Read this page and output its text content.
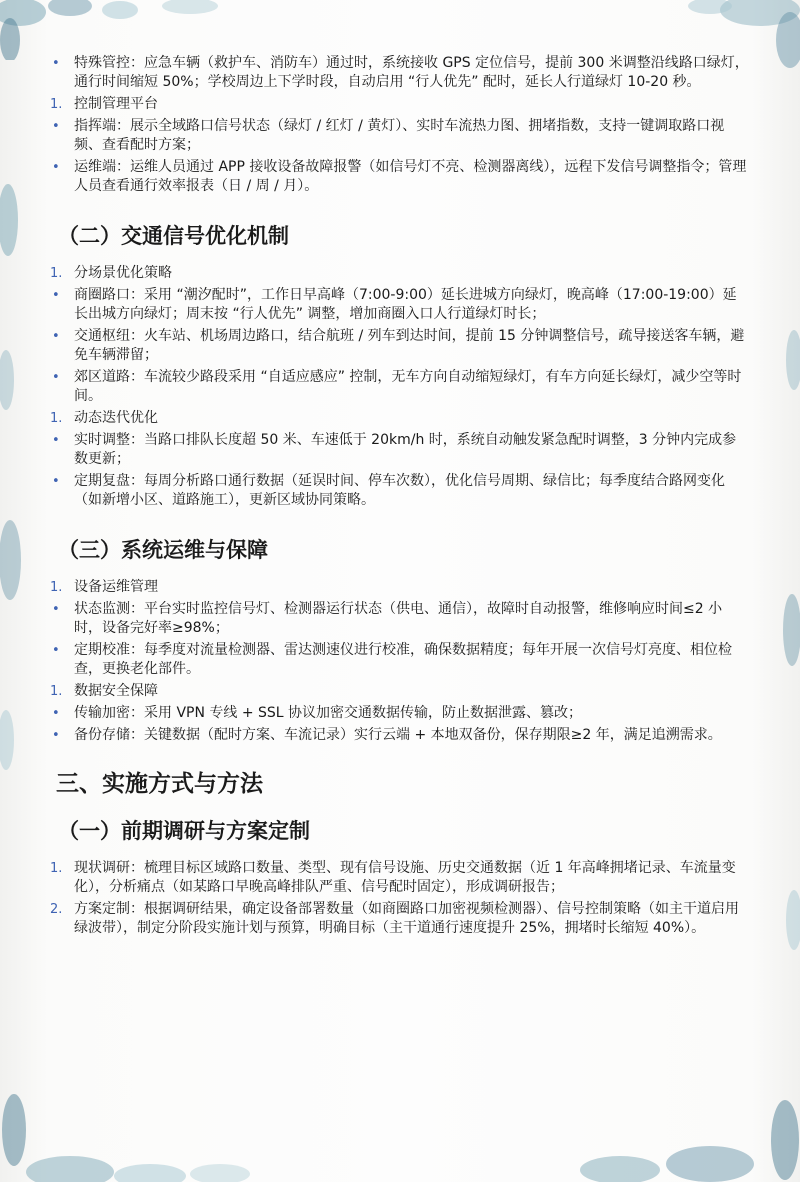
• 特殊管控：应急车辆（救护车、消防车）通过时，系统接收 GPS 定位信号，提前 300 米调整沿线路口绿灯，通行时间缩短 50%；学校周边上下学时段，自动启用 “行人优先” 配时，延长人行道绿灯 10-20 秒。

1. 控制管理平台

• 指挥端：展示全域路口信号状态（绿灯 / 红灯 / 黄灯）、实时车流热力图、拥堵指数，支持一键调取路口视频、查看配时方案；

• 运维端：运维人员通过 APP 接收设备故障报警（如信号灯不亮、检测器离线），远程下发信号调整指令；管理人员查看通行效率报表（日 / 周 / 月）。

（二）交通信号优化机制

1. 分场景优化策略

• 商圈路口：采用 “潮汐配时”，工作日早高峰（7:00-9:00）延长进城方向绿灯，晚高峰（17:00-19:00）延长出城方向绿灯；周末按 “行人优先” 调整，增加商圈入口人行道绿灯时长；

• 交通枢纽：火车站、机场周边路口，结合航班 / 列车到达时间，提前 15 分钟调整信号，疏导接送客车辆，避免车辆滞留；

• 郊区道路：车流较少路段采用 “自适应感应” 控制，无车方向自动缩短绿灯，有车方向延长绿灯，减少空等时间。

1. 动态迭代优化

• 实时调整：当路口排队长度超 50 米、车速低于 20km/h 时，系统自动触发紧急配时调整，3 分钟内完成参数更新；

• 定期复盘：每周分析路口通行数据（延误时间、停车次数），优化信号周期、绿信比；每季度结合路网变化（如新增小区、道路施工），更新区域协同策略。

（三）系统运维与保障

1. 设备运维管理

• 状态监测：平台实时监控信号灯、检测器运行状态（供电、通信），故障时自动报警，维修响应时间≤2 小时，设备完好率≥98%；

• 定期校准：每季度对流量检测器、雷达测速仪进行校准，确保数据精度；每年开展一次信号灯亮度、相位检查，更换老化部件。

1. 数据安全保障

• 传输加密：采用 VPN 专线 + SSL 协议加密交通数据传输，防止数据泄露、篡改；

• 备份存储：关键数据（配时方案、车流记录）实行云端 + 本地双备份，保存期限≥2 年，满足追溯需求。

三、实施方式与方法
（一）前期调研与方案定制

1. 现状调研：梳理目标区域路口数量、类型、现有信号设施、历史交通数据（近 1 年高峰拥堵记录、车流量变化），分析痛点（如某路口早晚高峰排队严重、信号配时固定），形成调研报告；

2. 方案定制：根据调研结果，确定设备部署数量（如商圈路口加密视频检测器）、信号控制策略（如主干道启用绿波带），制定分阶段实施计划与预算，明确目标（主干道通行速度提升 25%，拥堵时长缩短 40%）。
